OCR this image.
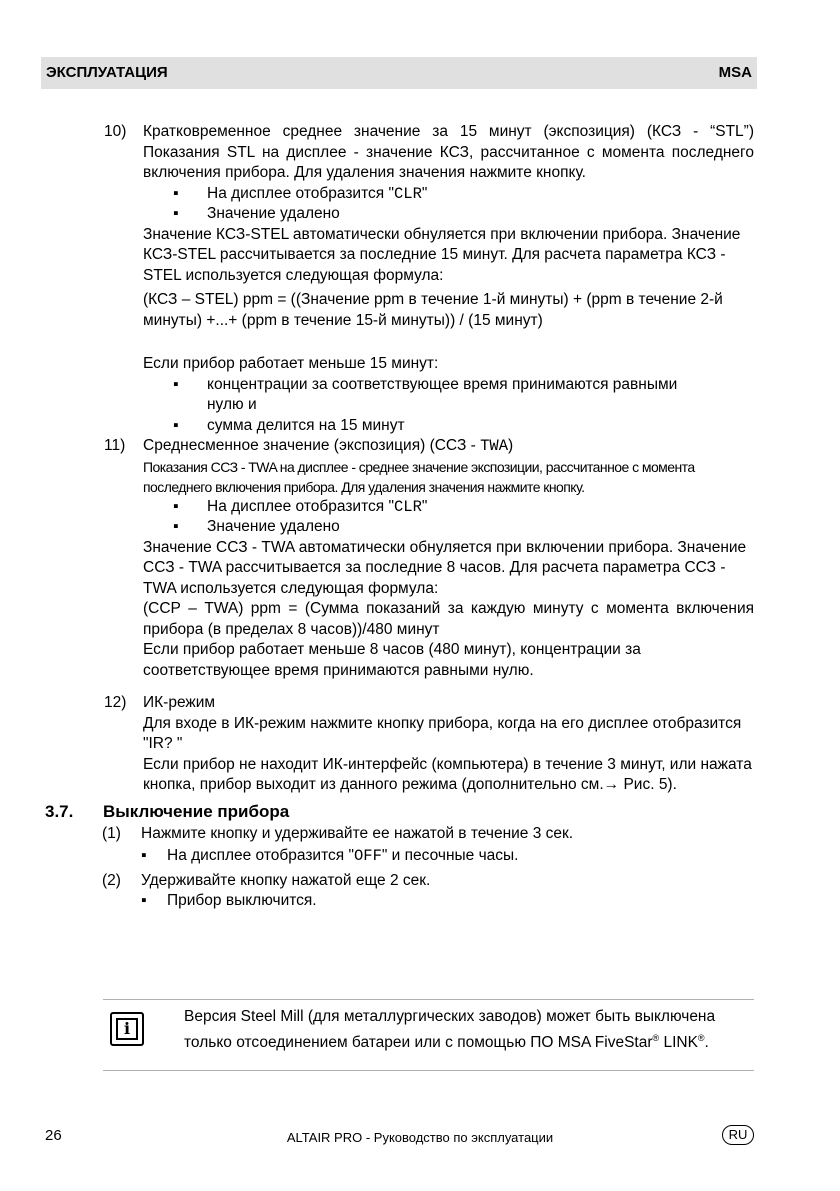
ЭКСПЛУАТАЦИЯ	MSA
10) Кратковременное среднее значение за 15 минут (экспозиция) (КСЗ - “STL”) Показания STL на дисплее - значение КСЗ, рассчитанное с момента последнего включения прибора. Для удаления значения нажмите кнопку.
▪ На дисплее отобразится "CLR"
▪ Значение удалено
Значение КСЗ-STEL автоматически обнуляется при включении прибора. Значение КСЗ-STEL рассчитывается за последние 15 минут. Для расчета параметра КСЗ - STEL используется следующая формула:
(КСЗ – STEL) ppm = ((Значение ppm в течение 1-й минуты) + (ppm в течение 2-й минуты) +...+ (ppm в течение 15-й минуты)) / (15 минут)
Если прибор работает меньше 15 минут:
▪ концентрации за соответствующее время принимаются равными нулю и
▪ сумма делится на 15 минут
11) Среднесменное значение (экспозиция) (ССЗ - TWA)
Показания ССЗ - TWA на дисплее - среднее значение экспозиции, рассчитанное с момента последнего включения прибора. Для удаления значения нажмите кнопку.
▪ На дисплее отобразится "CLR"
▪ Значение удалено
Значение ССЗ - TWA автоматически обнуляется при включении прибора. Значение ССЗ - TWA рассчитывается за последние 8 часов. Для расчета параметра ССЗ - TWA используется следующая формула:
(ССР – TWA) ppm = (Сумма показаний за каждую минуту с момента включения прибора (в пределах 8 часов))/480 минут
Если прибор работает меньше 8 часов (480 минут), концентрации за соответствующее время принимаются равными нулю.
12) ИК-режим
Для входе в ИК-режим нажмите кнопку прибора, когда на его дисплее отобразится "IR? "
Если прибор не находит ИК-интерфейс (компьютера) в течение 3 минут, или нажата кнопка, прибор выходит из данного режима (дополнительно см.→ Рис. 5).
3.7. Выключение прибора
(1) Нажмите кнопку и удерживайте ее нажатой в течение 3 сек.
▪ На дисплее отобразится "OFF" и песочные часы.
(2) Удерживайте кнопку нажатой еще 2 сек.
▪ Прибор выключится.
i
Версия Steel Mill (для металлургических заводов) может быть выключена только отсоединением батареи или с помощью ПО MSA FiveStar® LINK®.
26	ALTAIR PRO - Руководство по эксплуатации	RU
